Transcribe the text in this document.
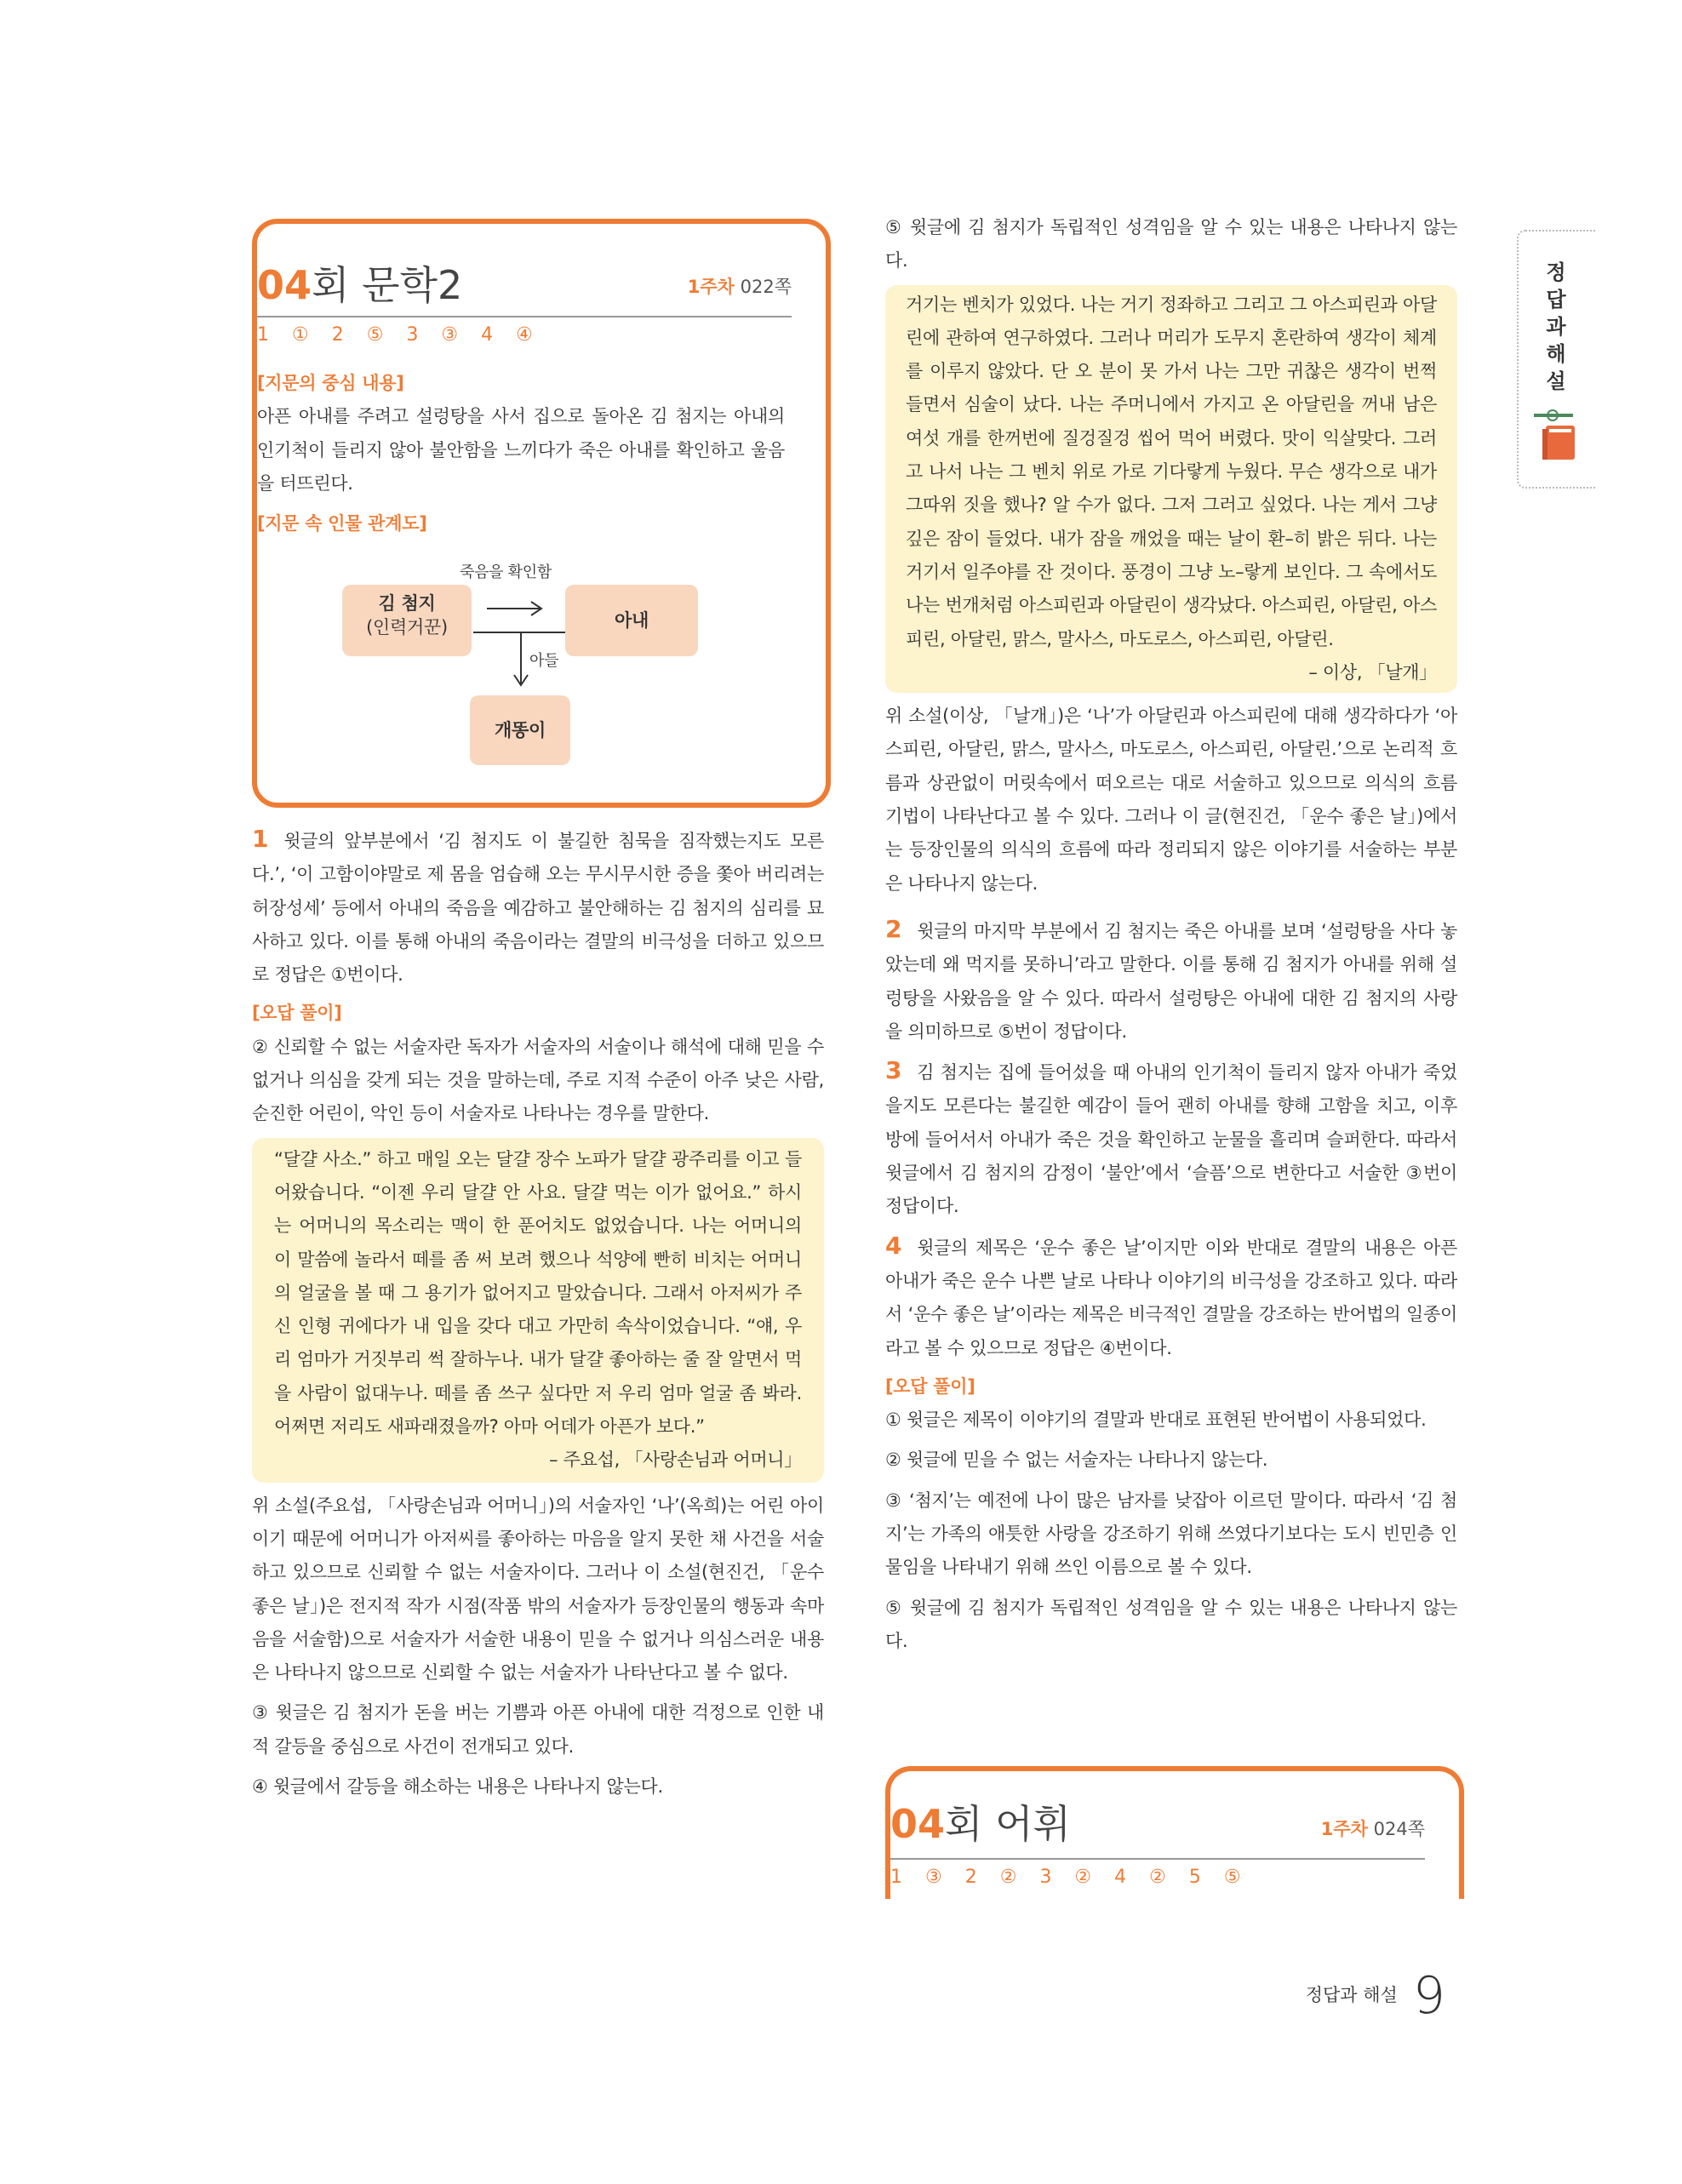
04회 문학2	1주차 022쪽
1 ① 2 ⑤ 3 ③ 4 ④

[지문의 중심 내용]

아픈 아내를 주려고 설렁탕을 사서 집으로 돌아온 김 첨지는 아내의 인기척이 들리지 않아 불안함을 느끼다가 죽은 아내를 확인하고 울음을 터뜨린다.

[지문 속 인물 관계도]

김 첨지
(인력거꾼)	아내
개똥이
죽음을 확인함
아들

1 윗글의 앞부분에서 ‘김 첨지도 이 불길한 침묵을 짐작했는지도 모른다.’, ‘이 고함이야말로 제 몸을 엄습해 오는 무시무시한 증을 쫓아 버리려는 허장성세’ 등에서 아내의 죽음을 예감하고 불안해하는 김 첨지의 심리를 묘사하고 있다. 이를 통해 아내의 죽음이라는 결말의 비극성을 더하고 있으므로 정답은 ①번이다.

[오답 풀이]

② 신뢰할 수 없는 서술자란 독자가 서술자의 서술이나 해석에 대해 믿을 수 없거나 의심을 갖게 되는 것을 말하는데, 주로 지적 수준이 아주 낮은 사람, 순진한 어린이, 악인 등이 서술자로 나타나는 경우를 말한다.

“달걀 사소.” 하고 매일 오는 달걀 장수 노파가 달걀 광주리를 이고 들어왔습니다. “이젠 우리 달걀 안 사요. 달걀 먹는 이가 없어요.” 하시는 어머니의 목소리는 맥이 한 푼어치도 없었습니다. 나는 어머니의 이 말씀에 놀라서 떼를 좀 써 보려 했으나 석양에 빤히 비치는 어머니의 얼굴을 볼 때 그 용기가 없어지고 말았습니다. 그래서 아저씨가 주신 인형 귀에다가 내 입을 갖다 대고 가만히 속삭이었습니다. “얘, 우리 엄마가 거짓부리 썩 잘하누나. 내가 달걀 좋아하는 줄 잘 알면서 먹을 사람이 없대누나. 떼를 좀 쓰구 싶다만 저 우리 엄마 얼굴 좀 봐라. 어쩌면 저리도 새파래졌을까? 아마 어데가 아픈가 보다.”

– 주요섭, 「사랑손님과 어머니」

위 소설(주요섭, 「사랑손님과 어머니」)의 서술자인 ‘나’(옥희)는 어린 아이이기 때문에 어머니가 아저씨를 좋아하는 마음을 알지 못한 채 사건을 서술하고 있으므로 신뢰할 수 없는 서술자이다. 그러나 이 소설(현진건, 「운수 좋은 날」)은 전지적 작가 시점(작품 밖의 서술자가 등장인물의 행동과 속마음을 서술함)으로 서술자가 서술한 내용이 믿을 수 없거나 의심스러운 내용은 나타나지 않으므로 신뢰할 수 없는 서술자가 나타난다고 볼 수 없다.

③ 윗글은 김 첨지가 돈을 버는 기쁨과 아픈 아내에 대한 걱정으로 인한 내적 갈등을 중심으로 사건이 전개되고 있다.

④ 윗글에서 갈등을 해소하는 내용은 나타나지 않는다.

⑤ 윗글에 김 첨지가 독립적인 성격임을 알 수 있는 내용은 나타나지 않는다.

거기는 벤치가 있었다. 나는 거기 정좌하고 그리고 그 아스피린과 아달린에 관하여 연구하였다. 그러나 머리가 도무지 혼란하여 생각이 체계를 이루지 않았다. 단 오 분이 못 가서 나는 그만 귀찮은 생각이 번쩍 들면서 심술이 났다. 나는 주머니에서 가지고 온 아달린을 꺼내 남은 여섯 개를 한꺼번에 질겅질겅 씹어 먹어 버렸다. 맛이 익살맞다. 그러고 나서 나는 그 벤치 위로 가로 기다랗게 누웠다. 무슨 생각으로 내가 그따위 짓을 했나? 알 수가 없다. 그저 그러고 싶었다. 나는 게서 그냥 깊은 잠이 들었다. 내가 잠을 깨었을 때는 날이 환–히 밝은 뒤다. 나는 거기서 일주야를 잔 것이다. 풍경이 그냥 노–랗게 보인다. 그 속에서도 나는 번개처럼 아스피린과 아달린이 생각났다. 아스피린, 아달린, 아스피린, 아달린, 맑스, 말사스, 마도로스, 아스피린, 아달린.

– 이상, 「날개」

위 소설(이상, 「날개」)은 ‘나’가 아달린과 아스피린에 대해 생각하다가 ‘아스피린, 아달린, 맑스, 말사스, 마도로스, 아스피린, 아달린.’으로 논리적 흐름과 상관없이 머릿속에서 떠오르는 대로 서술하고 있으므로 의식의 흐름 기법이 나타난다고 볼 수 있다. 그러나 이 글(현진건, 「운수 좋은 날」)에서는 등장인물의 의식의 흐름에 따라 정리되지 않은 이야기를 서술하는 부분은 나타나지 않는다.

2 윗글의 마지막 부분에서 김 첨지는 죽은 아내를 보며 ‘설렁탕을 사다 놓았는데 왜 먹지를 못하니’라고 말한다. 이를 통해 김 첨지가 아내를 위해 설렁탕을 사왔음을 알 수 있다. 따라서 설렁탕은 아내에 대한 김 첨지의 사랑을 의미하므로 ⑤번이 정답이다.

3 김 첨지는 집에 들어섰을 때 아내의 인기척이 들리지 않자 아내가 죽었을지도 모른다는 불길한 예감이 들어 괜히 아내를 향해 고함을 치고, 이후 방에 들어서서 아내가 죽은 것을 확인하고 눈물을 흘리며 슬퍼한다. 따라서 윗글에서 김 첨지의 감정이 ‘불안’에서 ‘슬픔’으로 변한다고 서술한 ③번이 정답이다.

4 윗글의 제목은 ‘운수 좋은 날’이지만 이와 반대로 결말의 내용은 아픈 아내가 죽은 운수 나쁜 날로 나타나 이야기의 비극성을 강조하고 있다. 따라서 ‘운수 좋은 날’이라는 제목은 비극적인 결말을 강조하는 반어법의 일종이라고 볼 수 있으므로 정답은 ④번이다.

[오답 풀이]

① 윗글은 제목이 이야기의 결말과 반대로 표현된 반어법이 사용되었다.

② 윗글에 믿을 수 없는 서술자는 나타나지 않는다.

③ ‘첨지’는 예전에 나이 많은 남자를 낮잡아 이르던 말이다. 따라서 ‘김 첨지’는 가족의 애틋한 사랑을 강조하기 위해 쓰였다기보다는 도시 빈민층 인물임을 나타내기 위해 쓰인 이름으로 볼 수 있다.

⑤ 윗글에 김 첨지가 독립적인 성격임을 알 수 있는 내용은 나타나지 않는다.

04회 어휘	1주차 024쪽
1 ③ 2 ② 3 ② 4 ② 5 ⑤
정답과 해설
정답과 해설 9
